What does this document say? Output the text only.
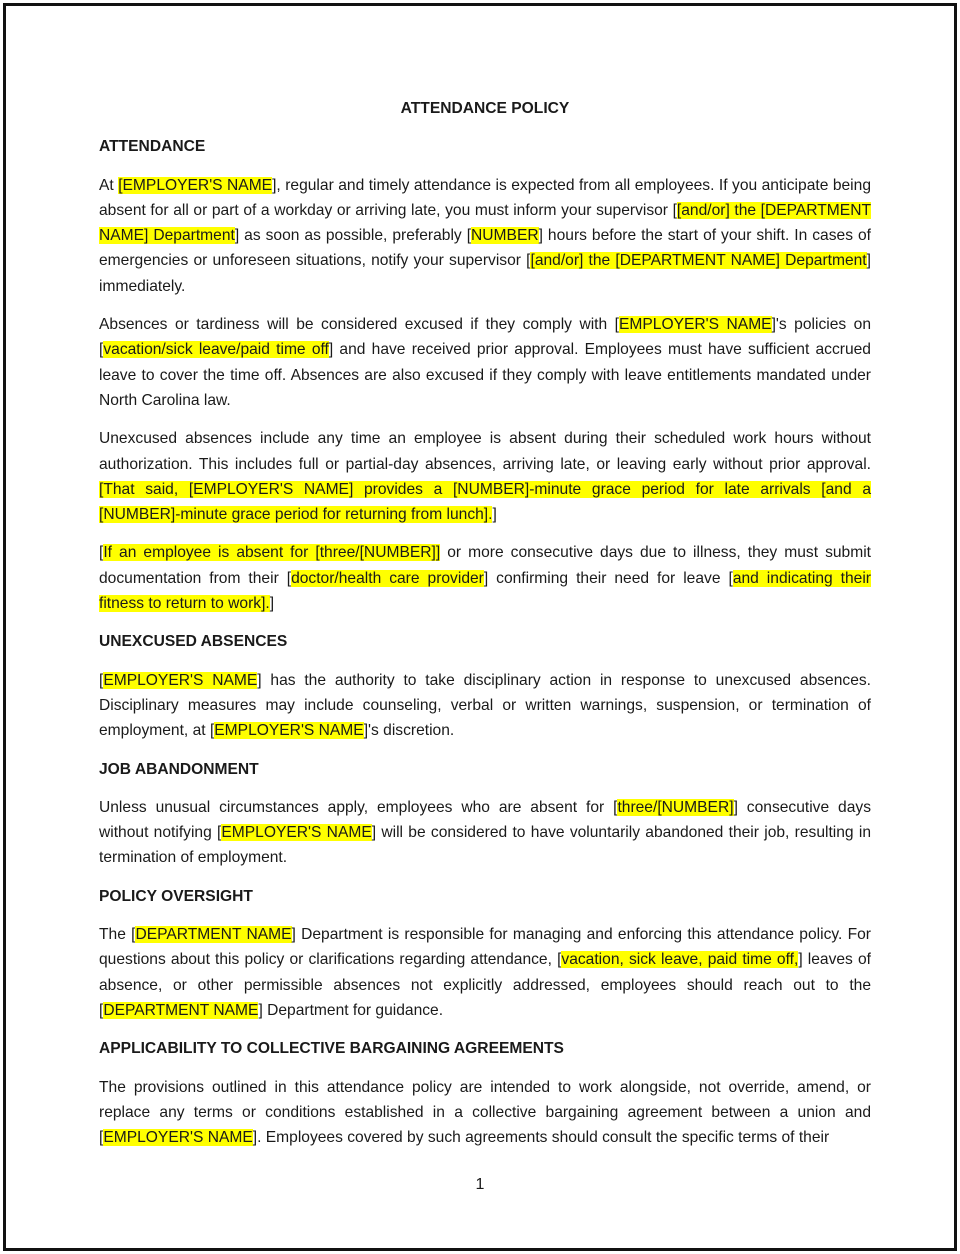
ATTENDANCE POLICY
ATTENDANCE

At [EMPLOYER'S NAME], regular and timely attendance is expected from all employees. If you anticipate being absent for all or part of a workday or arriving late, you must inform your supervisor [[and/or] the [DEPARTMENT NAME] Department] as soon as possible, preferably [NUMBER] hours before the start of your shift. In cases of emergencies or unforeseen situations, notify your supervisor [[and/or] the [DEPARTMENT NAME] Department] immediately.

Absences or tardiness will be considered excused if they comply with [EMPLOYER'S NAME]'s policies on [vacation/sick leave/paid time off] and have received prior approval. Employees must have sufficient accrued leave to cover the time off. Absences are also excused if they comply with leave entitlements mandated under North Carolina law.

Unexcused absences include any time an employee is absent during their scheduled work hours without authorization. This includes full or partial-day absences, arriving late, or leaving early without prior approval. [That said, [EMPLOYER'S NAME] provides a [NUMBER]-minute grace period for late arrivals [and a [NUMBER]-minute grace period for returning from lunch].]

[If an employee is absent for [three/[NUMBER]] or more consecutive days due to illness, they must submit documentation from their [doctor/health care provider] confirming their need for leave [and indicating their fitness to return to work].]

UNEXCUSED ABSENCES

[EMPLOYER'S NAME] has the authority to take disciplinary action in response to unexcused absences. Disciplinary measures may include counseling, verbal or written warnings, suspension, or termination of employment, at [EMPLOYER'S NAME]'s discretion.

JOB ABANDONMENT

Unless unusual circumstances apply, employees who are absent for [three/[NUMBER]] consecutive days without notifying [EMPLOYER'S NAME] will be considered to have voluntarily abandoned their job, resulting in termination of employment.

POLICY OVERSIGHT

The [DEPARTMENT NAME] Department is responsible for managing and enforcing this attendance policy. For questions about this policy or clarifications regarding attendance, [vacation, sick leave, paid time off,] leaves of absence, or other permissible absences not explicitly addressed, employees should reach out to the [DEPARTMENT NAME] Department for guidance.

APPLICABILITY TO COLLECTIVE BARGAINING AGREEMENTS

The provisions outlined in this attendance policy are intended to work alongside, not override, amend, or replace any terms or conditions established in a collective bargaining agreement between a union and [EMPLOYER'S NAME]. Employees covered by such agreements should consult the specific terms of their

1
